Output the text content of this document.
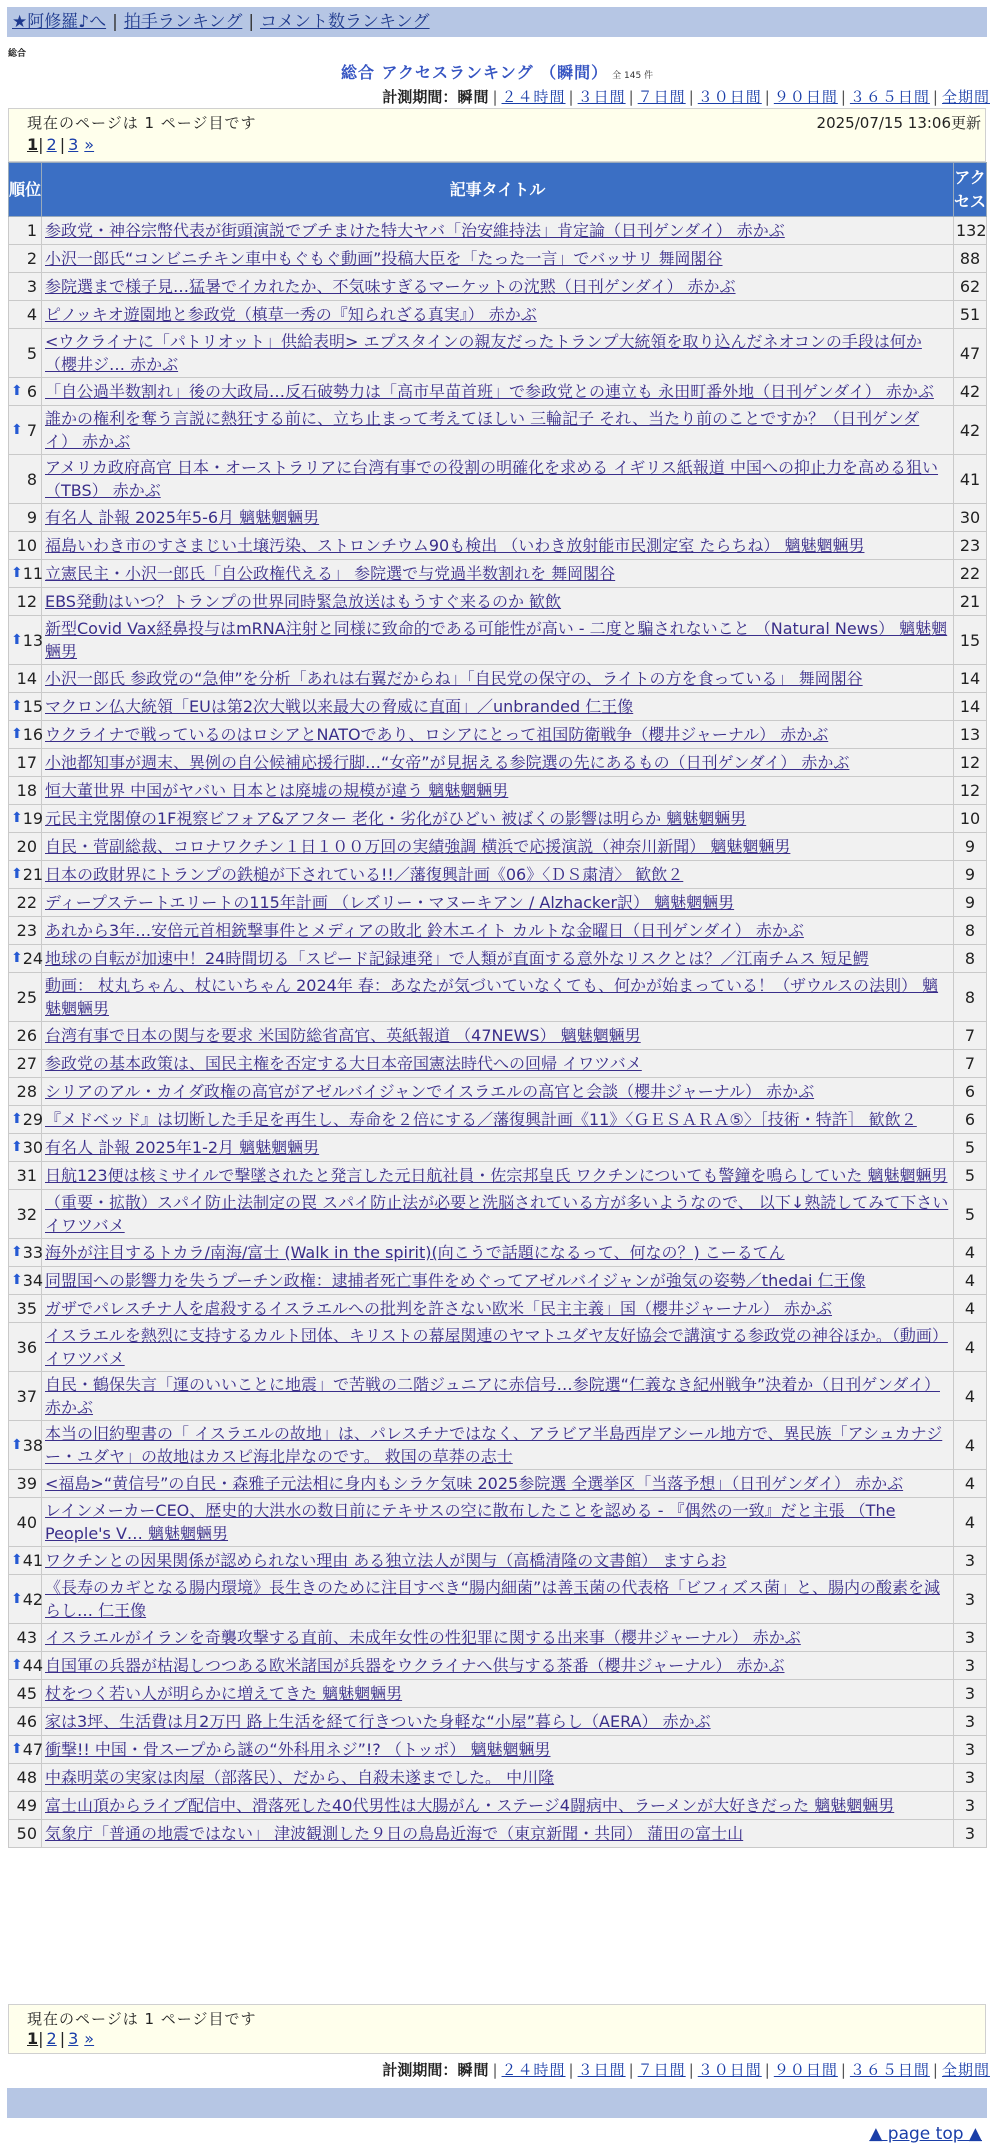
★阿修羅♪へ | 拍手ランキング | コメント数ランキング
総合
総合 アクセスランキング （瞬間） 全 145 件
計測期間：瞬間 | ２４時間 | ３日間 | ７日間 | ３０日間 | ９０日間 | ３６５日間 | 全期間
現在のページは 1 ページ目です	2025/07/15 13:06更新
1| 2 | 3 »
順位	記事タイトル	アクセス
1	参政党・神谷宗幣代表が街頭演説でブチまけた特大ヤバ「治安維持法」肯定論（日刊ゲンダイ） 赤かぶ	132
2	小沢一郎氏“コンビニチキン車中もぐもぐ動画”投稿大臣を「たった一言」でバッサリ 舞岡閣谷	88
3	参院選まで様子見…猛暑でイカれたか、不気味すぎるマーケットの沈黙（日刊ゲンダイ） 赤かぶ	62
4	ピノッキオ遊園地と参政党（槙草一秀の『知られざる真実』） 赤かぶ	51
5	<ウクライナに「パトリオット」供給表明> エプスタインの親友だったトランプ大統領を取り込んだネオコンの手段は何か（櫻井ジ… 赤かぶ	47

⬆ 6	「自公過半数割れ」後の大政局…反石破勢力は「高市早苗首班」で参政党との連立も 永田町番外地（日刊ゲンダイ） 赤かぶ	42

⬆ 7	誰かの権利を奪う言説に熱狂する前に、立ち止まって考えてほしい 三輪記子 それ、当たり前のことですか？（日刊ゲンダイ） 赤かぶ	42
8	アメリカ政府高官 日本・オーストラリアに台湾有事での役割の明確化を求める イギリス紙報道 中国への抑止力を高める狙い（TBS） 赤かぶ	41
9	有名人 訃報 2025年5-6月 魑魅魍魎男	30
10	福島いわき市のすさまじい土壌汚染、ストロンチウム90も検出 （いわき放射能市民測定室 たらちね） 魑魅魍魎男	23

⬆ 11	立憲民主・小沢一郎氏「自公政権代える」 参院選で与党過半数割れを 舞岡閣谷	22
12	EBS発動はいつ？トランプの世界同時緊急放送はもうすぐ来るのか 歓飲	21

⬆ 13	新型Covid Vax経鼻投与はmRNA注射と同様に致命的である可能性が高い - 二度と騙されないこと （Natural News） 魑魅魍魎男	15
14	小沢一郎氏 参政党の“急伸”を分析「あれは右翼だからね」「自民党の保守の、ライトの方を食っている」 舞岡閣谷	14

⬆ 15	マクロン仏大統領「EUは第2次大戦以来最大の脅威に直面」／unbranded 仁王像	14

⬆ 16	ウクライナで戦っているのはロシアとNATOであり、ロシアにとって祖国防衛戦争（櫻井ジャーナル） 赤かぶ	13
17	小池都知事が週末、異例の自公候補応援行脚…“女帝”が見据える参院選の先にあるもの（日刊ゲンダイ） 赤かぶ	12
18	恒大董世界 中国がヤバい 日本とは廃墟の規模が違う 魑魅魍魎男	12

⬆ 19	元民主党閣僚の1F視察ビフォア&アフター 老化・劣化がひどい 被ばくの影響は明らか 魑魅魍魎男	10
20	自民・菅副総裁、コロナワクチン１日１００万回の実績強調 横浜で応援演説（神奈川新聞） 魑魅魍魎男	9

⬆ 21	日本の政財界にトランプの鉄槌が下されている!!／藩復興計画《06》〈ＤＳ粛清〉 歓飲２	9
22	ディープステートエリートの115年計画 （レズリー・マヌーキアン / Alzhacker訳） 魑魅魍魎男	9
23	あれから3年…安倍元首相銃撃事件とメディアの敗北 鈴木エイト カルトな金曜日（日刊ゲンダイ） 赤かぶ	8

⬆ 24	地球の自転が加速中！24時間切る「スピード記録連発」で人類が直面する意外なリスクとは？／江南チムス 短足鰐	8
25	動画： 杖丸ちゃん、杖にいちゃん 2024年 春：あなたが気づいていなくても、何かが始まっている！（ザウルスの法則） 魑魅魍魎男	8
26	台湾有事で日本の関与を要求 米国防総省高官、英紙報道 （47NEWS） 魑魅魍魎男	7
27	参政党の基本政策は、国民主権を否定する大日本帝国憲法時代への回帰 イワツバメ	7
28	シリアのアル・カイダ政権の高官がアゼルバイジャンでイスラエルの高官と会談（櫻井ジャーナル） 赤かぶ	6

⬆ 29	『メドベッド』は切断した手足を再生し、寿命を２倍にする／藩復興計画《11》〈ＧＥＳＡＲＡ⑤〉［技術・特許］ 歓飲２	6

⬆ 30	有名人 訃報 2025年1-2月 魑魅魍魎男	5
31	日航123便は核ミサイルで撃墜されたと発言した元日航社員・佐宗邦皇氏 ワクチンについても警鐘を鳴らしていた 魑魅魍魎男	5
32	（重要・拡散）スパイ防止法制定の罠 スパイ防止法が必要と洗脳されている方が多いようなので、 以下↓熟読してみて下さい イワツバメ	5

⬆ 33	海外が注目するトカラ/南海/富士 (Walk in the spirit)(向こうで話題になるって、何なの？) こーるてん	4

⬆ 34	同盟国への影響力を失うプーチン政権：逮捕者死亡事件をめぐってアゼルバイジャンが強気の姿勢／thedai 仁王像	4
35	ガザでパレスチナ人を虐殺するイスラエルへの批判を許さない欧米「民主主義」国（櫻井ジャーナル） 赤かぶ	4
36	イスラエルを熱烈に支持するカルト団体、キリストの幕屋関連のヤマトユダヤ友好協会で講演する参政党の神谷ほか。（動画） イワツバメ	4
37	自民・鶴保失言「運のいいことに地震」で苦戦の二階ジュニアに赤信号…参院選“仁義なき紀州戦争”決着か（日刊ゲンダイ） 赤かぶ	4

⬆ 38	本当の旧約聖書の「 イスラエルの故地」は、パレスチナではなく、アラビア半島西岸アシール地方で、異民族「アシュカナジー・ユダヤ」の故地はカスピ海北岸なのです。 救国の草莽の志士	4
39	<福島>“黄信号”の自民・森雅子元法相に身内もシラケ気味 2025参院選 全選挙区「当落予想」（日刊ゲンダイ） 赤かぶ	4
40	レインメーカーCEO、歴史的大洪水の数日前にテキサスの空に散布したことを認める - 『偶然の一致』だと主張 （The People's V… 魑魅魍魎男	4

⬆ 41	ワクチンとの因果関係が認められない理由 ある独立法人が関与（高橋清隆の文書館） ますらお	3

⬆ 42	《長寿のカギとなる腸内環境》長生きのために注目すべき“腸内細菌”は善玉菌の代表格「ビフィズス菌」と、腸内の酸素を減らし… 仁王像	3
43	イスラエルがイランを奇襲攻撃する直前、未成年女性の性犯罪に関する出来事（櫻井ジャーナル） 赤かぶ	3

⬆ 44	自国軍の兵器が枯渇しつつある欧米諸国が兵器をウクライナへ供与する茶番（櫻井ジャーナル） 赤かぶ	3
45	杖をつく若い人が明らかに増えてきた 魑魅魍魎男	3
46	家は3坪、生活費は月2万円 路上生活を経て行きついた身軽な“小屋”暮らし（AERA） 赤かぶ	3

⬆ 47	衝撃!! 中国・骨スープから謎の“外科用ネジ”!? （トッポ） 魑魅魍魎男	3
48	中森明菜の実家は肉屋（部落民）、だから、自殺未遂までした。 中川隆	3
49	富士山頂からライブ配信中、滑落死した40代男性は大腸がん・ステージ4闘病中、ラーメンが大好きだった 魑魅魍魎男	3
50	気象庁「普通の地震ではない」 津波観測した９日の鳥島近海で（東京新聞・共同） 蒲田の富士山	3
現在のページは 1 ページ目です
1| 2 | 3 »
計測期間：瞬間 | ２４時間 | ３日間 | ７日間 | ３０日間 | ９０日間 | ３６５日間 | 全期間
▲ page top ▲
